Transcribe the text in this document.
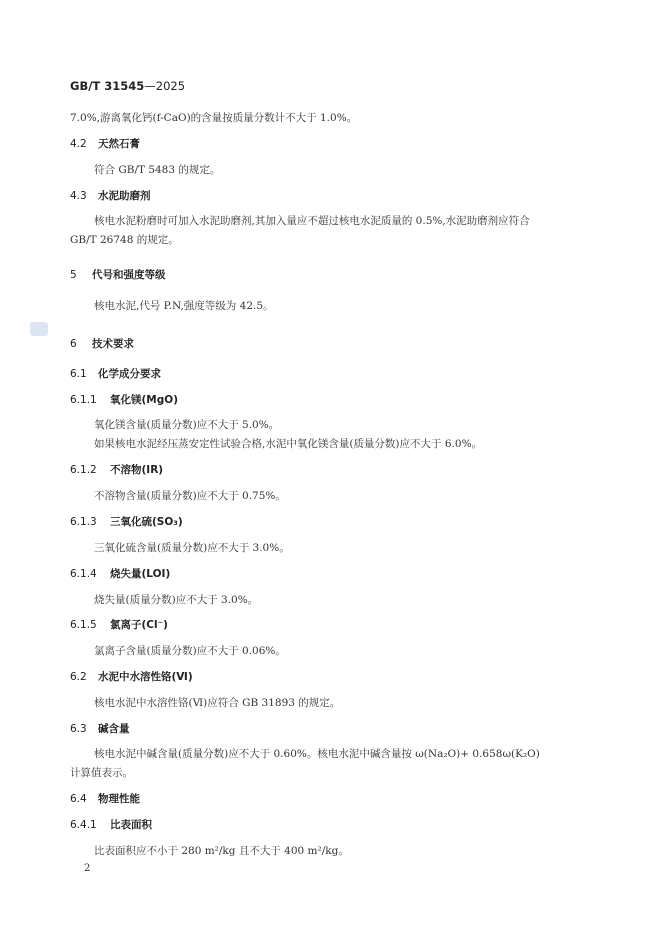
GB/T 31545—2025
7.0%,游离氧化钙(f-CaO)的含量按质量分数计不大于 1.0%。
4.2 天然石膏
符合 GB/T 5483 的规定。
4.3 水泥助磨剂
核电水泥粉磨时可加入水泥助磨剂,其加入量应不超过核电水泥质量的 0.5%,水泥助磨剂应符合
GB/T 26748 的规定。
5 代号和强度等级
核电水泥,代号 P.N,强度等级为 42.5。
6 技术要求
6.1 化学成分要求
6.1.1 氧化镁(MgO)
氧化镁含量(质量分数)应不大于 5.0%。
如果核电水泥经压蒸安定性试验合格,水泥中氧化镁含量(质量分数)应不大于 6.0%。
6.1.2 不溶物(IR)
不溶物含量(质量分数)应不大于 0.75%。
6.1.3 三氧化硫(SO₃)
三氧化硫含量(质量分数)应不大于 3.0%。
6.1.4 烧失量(LOI)
烧失量(质量分数)应不大于 3.0%。
6.1.5 氯离子(Cl⁻)
氯离子含量(质量分数)应不大于 0.06%。
6.2 水泥中水溶性铬(Ⅵ)
核电水泥中水溶性铬(Ⅵ)应符合 GB 31893 的规定。
6.3 碱含量
核电水泥中碱含量(质量分数)应不大于 0.60%。核电水泥中碱含量按 ω(Na₂O)+ 0.658ω(K₂O)
计算值表示。
6.4 物理性能
6.4.1 比表面积
比表面积应不小于 280 m²/kg 且不大于 400 m²/kg。
2
